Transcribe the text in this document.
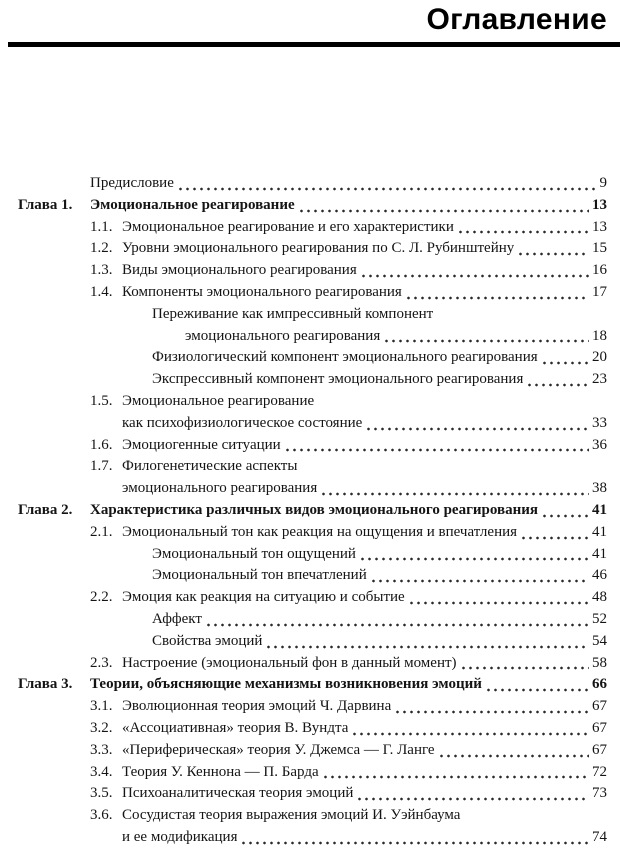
Оглавление
Предисловие	9
Глава 1. Эмоциональное реагирование	13
1.1. Эмоциональное реагирование и его характеристики	13
1.2. Уровни эмоционального реагирования по С. Л. Рубинштейну	15
1.3. Виды эмоционального реагирования	16
1.4. Компоненты эмоционального реагирования	17
Переживание как импрессивный компонент
эмоционального реагирования	18
Физиологический компонент эмоционального реагирования	20
Экспрессивный компонент эмоционального реагирования	23
1.5. Эмоциональное реагирование
как психофизиологическое состояние	33
1.6. Эмоциогенные ситуации	36
1.7. Филогенетические аспекты
эмоционального реагирования	38
Глава 2. Характеристика различных видов эмоционального реагирования	41
2.1. Эмоциональный тон как реакция на ощущения и впечатления	41
Эмоциональный тон ощущений	41
Эмоциональный тон впечатлений	46
2.2. Эмоция как реакция на ситуацию и событие	48
Аффект	52
Свойства эмоций	54
2.3. Настроение (эмоциональный фон в данный момент)	58
Глава 3. Теории, объясняющие механизмы возникновения эмоций	66
3.1. Эволюционная теория эмоций Ч. Дарвина	67
3.2. «Ассоциативная» теория В. Вундта	67
3.3. «Периферическая» теория У. Джемса — Г. Ланге	67
3.4. Теория У. Кеннона — П. Барда	72
3.5. Психоаналитическая теория эмоций	73
3.6. Сосудистая теория выражения эмоций И. Уэйнбаума
и ее модификация	74
